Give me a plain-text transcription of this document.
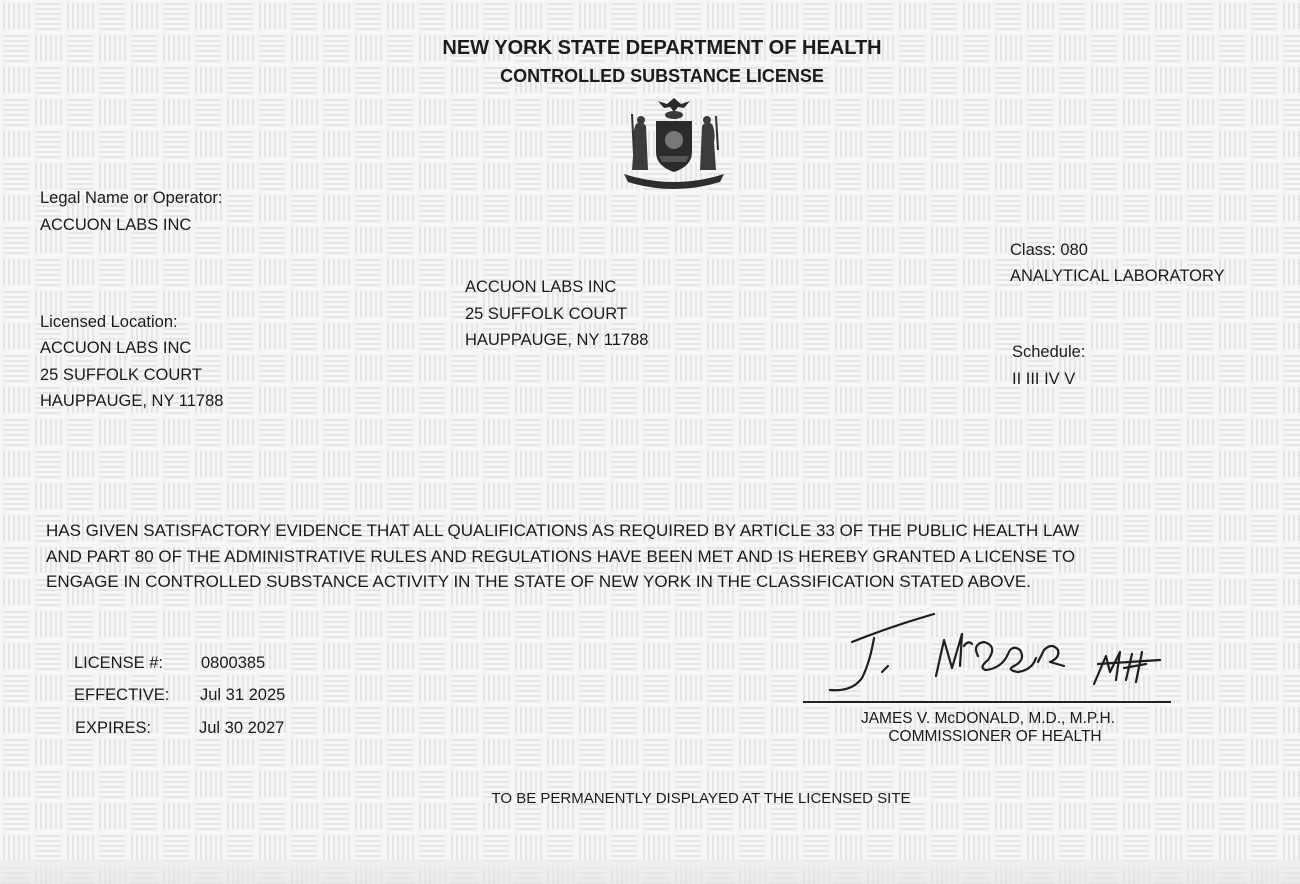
NEW YORK STATE DEPARTMENT OF HEALTH
CONTROLLED SUBSTANCE LICENSE
Legal Name or Operator:
ACCUON LABS INC
Licensed Location:
ACCUON LABS INC
25 SUFFOLK COURT
HAUPPAUGE, NY 11788
ACCUON LABS INC
25 SUFFOLK COURT
HAUPPAUGE, NY 11788
Class: 080
ANALYTICAL LABORATORY
Schedule:
II III IV V
HAS GIVEN SATISFACTORY EVIDENCE THAT ALL QUALIFICATIONS AS REQUIRED BY ARTICLE 33 OF THE PUBLIC HEALTH LAW
AND PART 80 OF THE ADMINISTRATIVE RULES AND REGULATIONS HAVE BEEN MET AND IS HEREBY GRANTED A LICENSE TO
ENGAGE IN CONTROLLED SUBSTANCE ACTIVITY IN THE STATE OF NEW YORK IN THE CLASSIFICATION STATED ABOVE.
LICENSE #: 0800385
EFFECTIVE: Jul 31 2025
EXPIRES:	Jul 30 2027
JAMES V. McDONALD, M.D., M.P.H.
COMMISSIONER OF HEALTH
TO BE PERMANENTLY DISPLAYED AT THE LICENSED SITE
